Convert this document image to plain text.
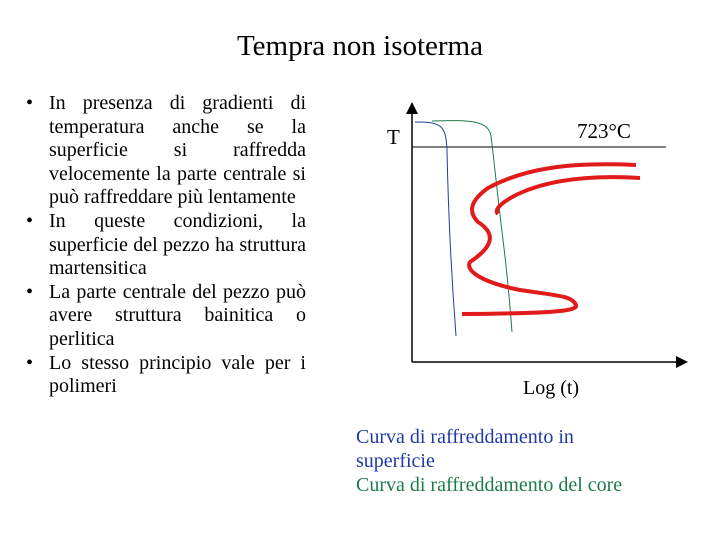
Tempra non isoterma
• In presenza di gradienti di temperatura anche se la superficie si raffredda velocemente la parte centrale si può raffreddare più lentamente
• In queste condizioni, la superficie del pezzo ha struttura martensitica
• La parte centrale del pezzo può avere struttura bainitica o perlitica
• Lo stesso principio vale per i polimeri
T	723°C
Log (t)
Curva di raffreddamento in superficie
Curva di raffreddamento del core
